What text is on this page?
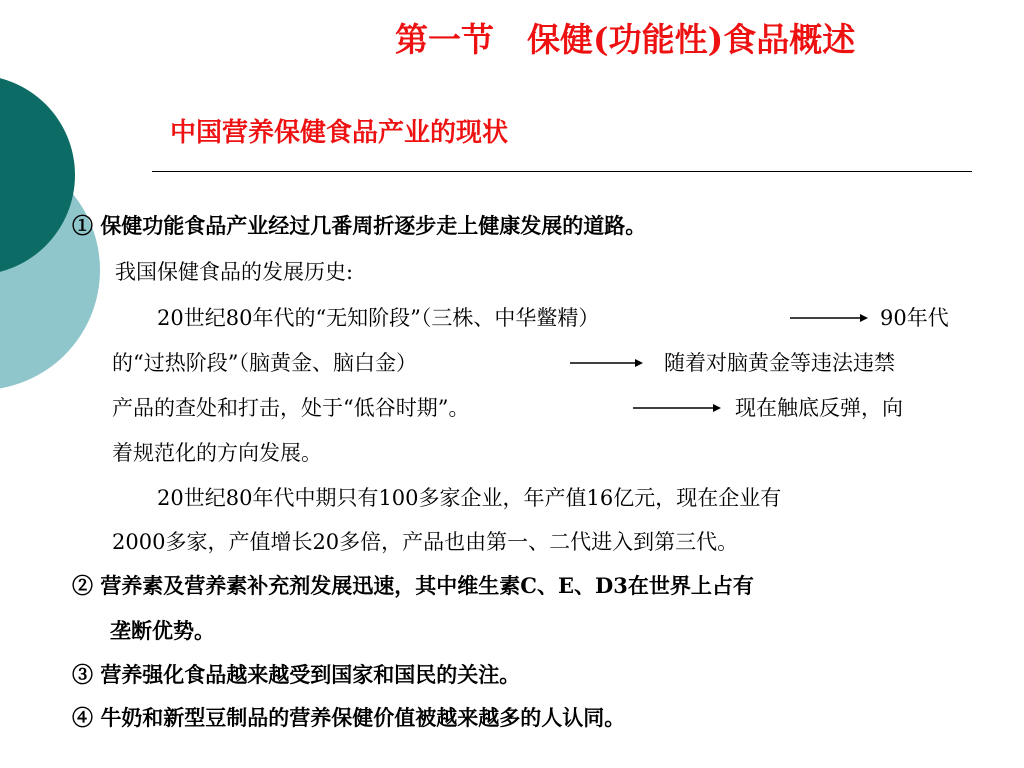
第一节　保健(功能性)食品概述
中国营养保健食品产业的现状
① 保健功能食品产业经过几番周折逐步走上健康发展的道路。
我国保健食品的发展历史:
20世纪80年代的“无知阶段”（三株、中华鳖精）	90年代
的“过热阶段”（脑黄金、脑白金）	随着对脑黄金等违法违禁
产品的查处和打击，处于“低谷时期”。	现在触底反弹，向
着规范化的方向发展。
20世纪80年代中期只有100多家企业，年产值16亿元，现在企业有
2000多家，产值增长20多倍，产品也由第一、二代进入到第三代。
② 营养素及营养素补充剂发展迅速，其中维生素C、E、D3在世界上占有
垄断优势。
③ 营养强化食品越来越受到国家和国民的关注。
④ 牛奶和新型豆制品的营养保健价值被越来越多的人认同。
